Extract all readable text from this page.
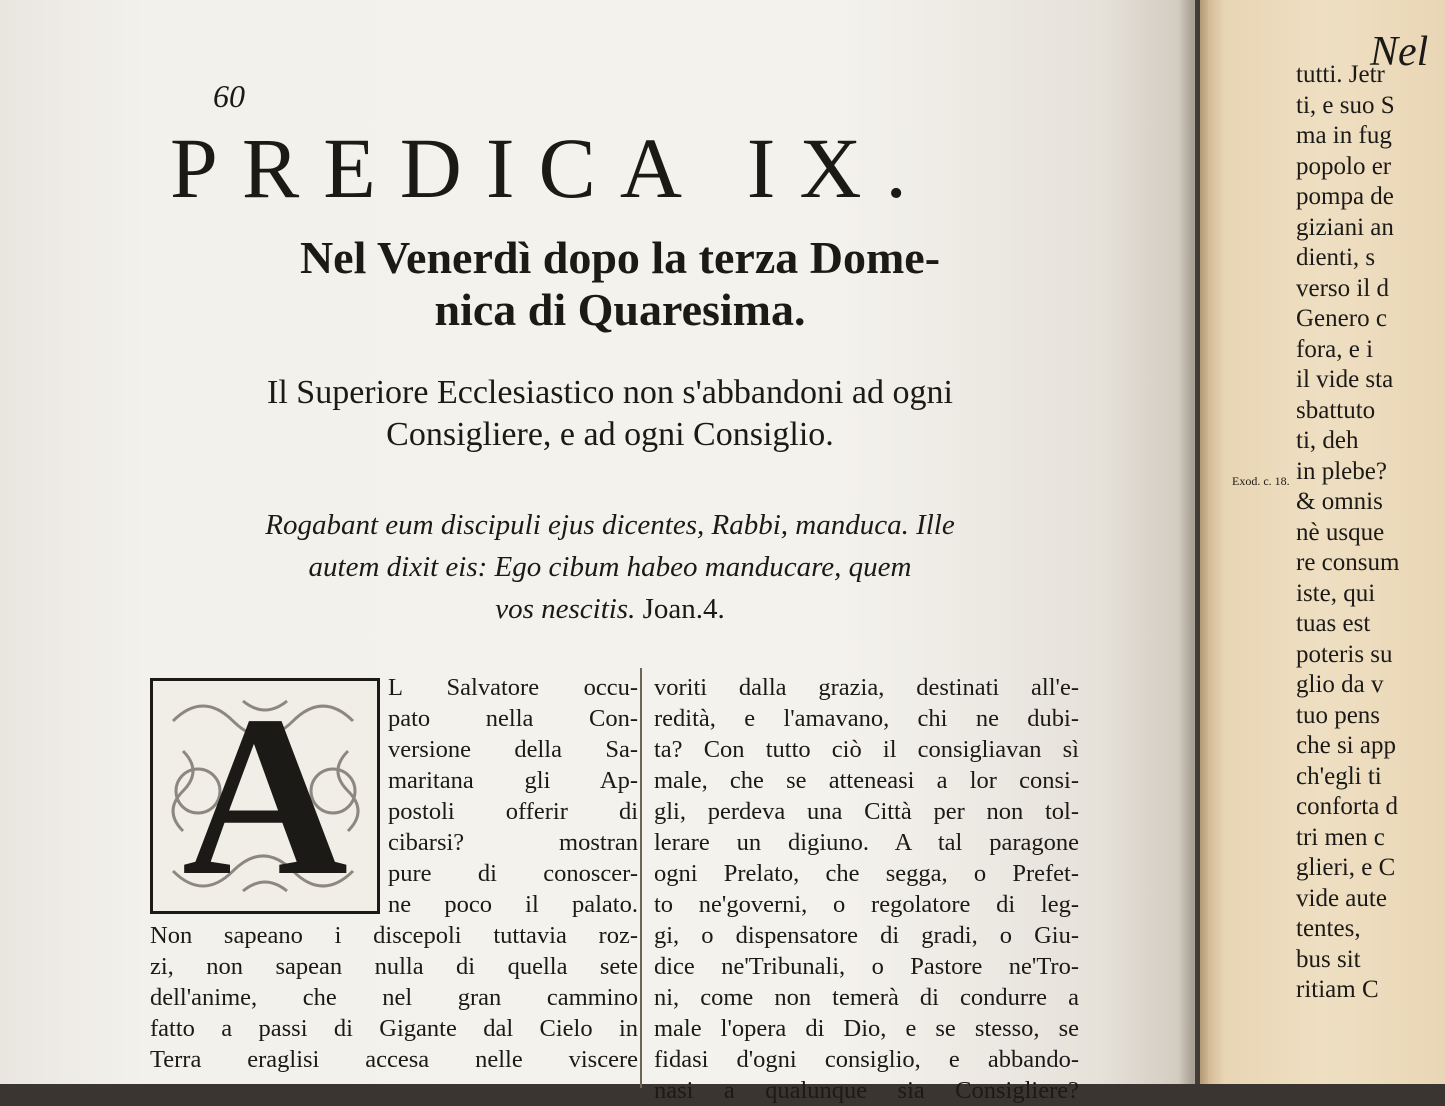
60
PREDICA IX.
Nel Venerdì dopo la terza Dome-
nica di Quaresima.
Il Superiore Ecclesiastico non s'abbandoni ad ogni
Consigliere, e ad ogni Consiglio.
Rogabant eum discipuli ejus dicentes, Rabbi, manduca. Ille
autem dixit eis: Ego cibum habeo manducare, quem
vos nescitis. Joan.4.
A	L Salvatore occu-
pato nella Con-
versione della Sa-
maritana gli Ap-
postoli offerir di
cibarsi? mostran
pure di conoscer-
ne poco il palato.
Non sapeano i discepoli tuttavia roz-
zi, non sapean nulla di quella sete
dell'anime, che nel gran cammino
fatto a passi di Gigante dal Cielo in
Terra eraglisi accesa nelle viscere
voriti dalla grazia, destinati all'e-
redità, e l'amavano, chi ne dubi-
ta? Con tutto ciò il consigliavan sì
male, che se atteneasi a lor consi-
gli, perdeva una Città per non tol-
lerare un digiuno. A tal paragone
ogni Prelato, che segga, o Prefet-
to ne'governi, o regolatore di leg-
gi, o dispensatore di gradi, o Giu-
dice ne'Tribunali, o Pastore ne'Tro-
ni, come non temerà di condurre a
male l'opera di Dio, e se stesso, se
fidasi d'ogni consiglio, e abbando-
nasi a qualunque sia Consigliere?
Nel
Exod. c. 18.
tutti. Jetr
ti, e suo S
ma in fug
popolo er
pompa de
giziani an
dienti, s
verso il d
Genero c
fora, e i
il vide sta
sbattuto
ti, deh
in plebe?
& omnis
nè usque
re consum
iste, qui
tuas est
poteris su
glio da v
tuo pens
che si app
ch'egli ti
conforta d
tri men c
glieri, e C
vide aute
tentes,
bus sit
ritiam C
